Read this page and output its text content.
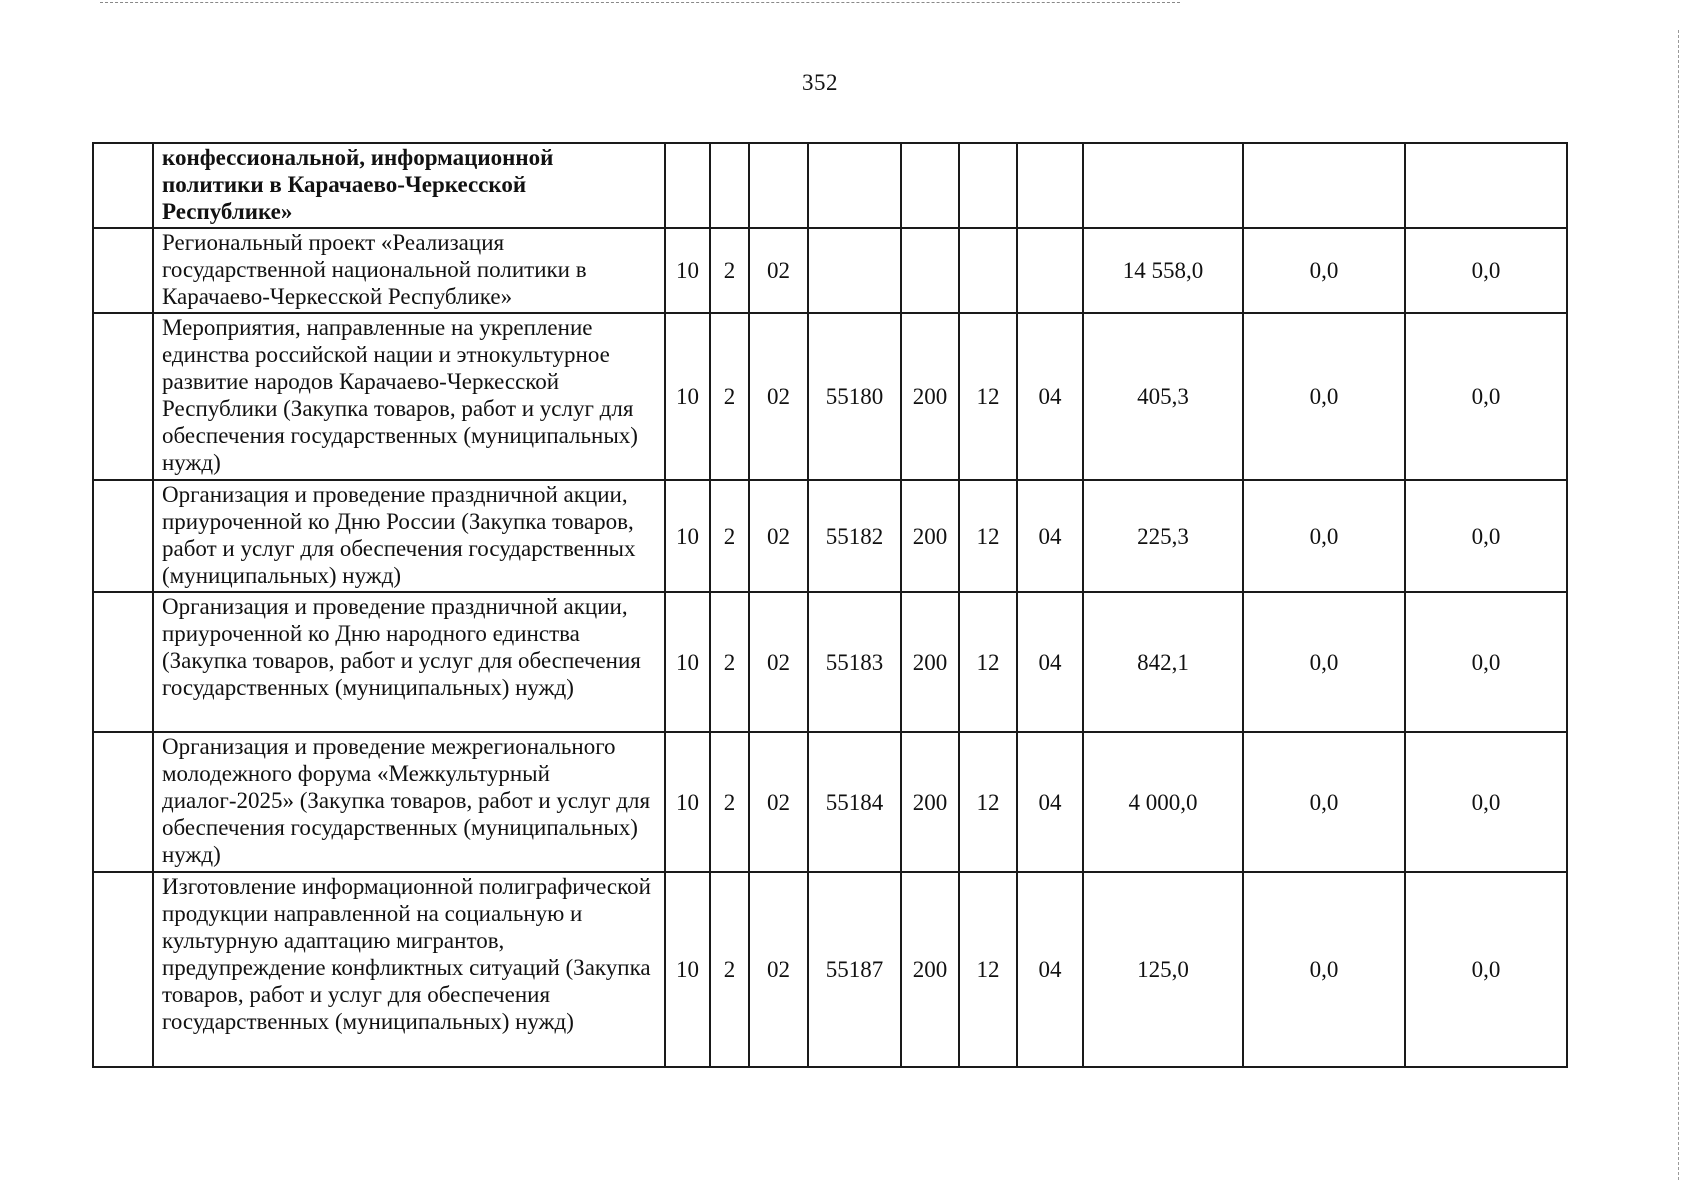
352
	конфессиональной, информационной политики в Карачаево-Черкесской Республике»										
	Региональный проект «Реализация государственной национальной политики в Карачаево-Черкесской Республике»	10	2	02					14 558,0	0,0	0,0
	Мероприятия, направленные на укрепление единства российской нации и этнокультурное развитие народов Карачаево-Черкесской Республики (Закупка товаров, работ и услуг для обеспечения государственных (муниципальных) нужд)	10	2	02	55180	200	12	04	405,3	0,0	0,0
	Организация и проведение праздничной акции, приуроченной ко Дню России (Закупка товаров, работ и услуг для обеспечения государственных (муниципальных) нужд)	10	2	02	55182	200	12	04	225,3	0,0	0,0
	Организация и проведение праздничной акции, приуроченной ко Дню народного единства (Закупка товаров, работ и услуг для обеспечения государственных (муниципальных) нужд)	10	2	02	55183	200	12	04	842,1	0,0	0,0
	Организация и проведение межрегионального молодежного форума «Межкультурный диалог-2025» (Закупка товаров, работ и услуг для обеспечения государственных (муниципальных) нужд)	10	2	02	55184	200	12	04	4 000,0	0,0	0,0
	Изготовление информационной полиграфической продукции направленной на социальную и культурную адаптацию мигрантов, предупреждение конфликтных ситуаций (Закупка товаров, работ и услуг для обеспечения государственных (муниципальных) нужд)	10	2	02	55187	200	12	04	125,0	0,0	0,0
